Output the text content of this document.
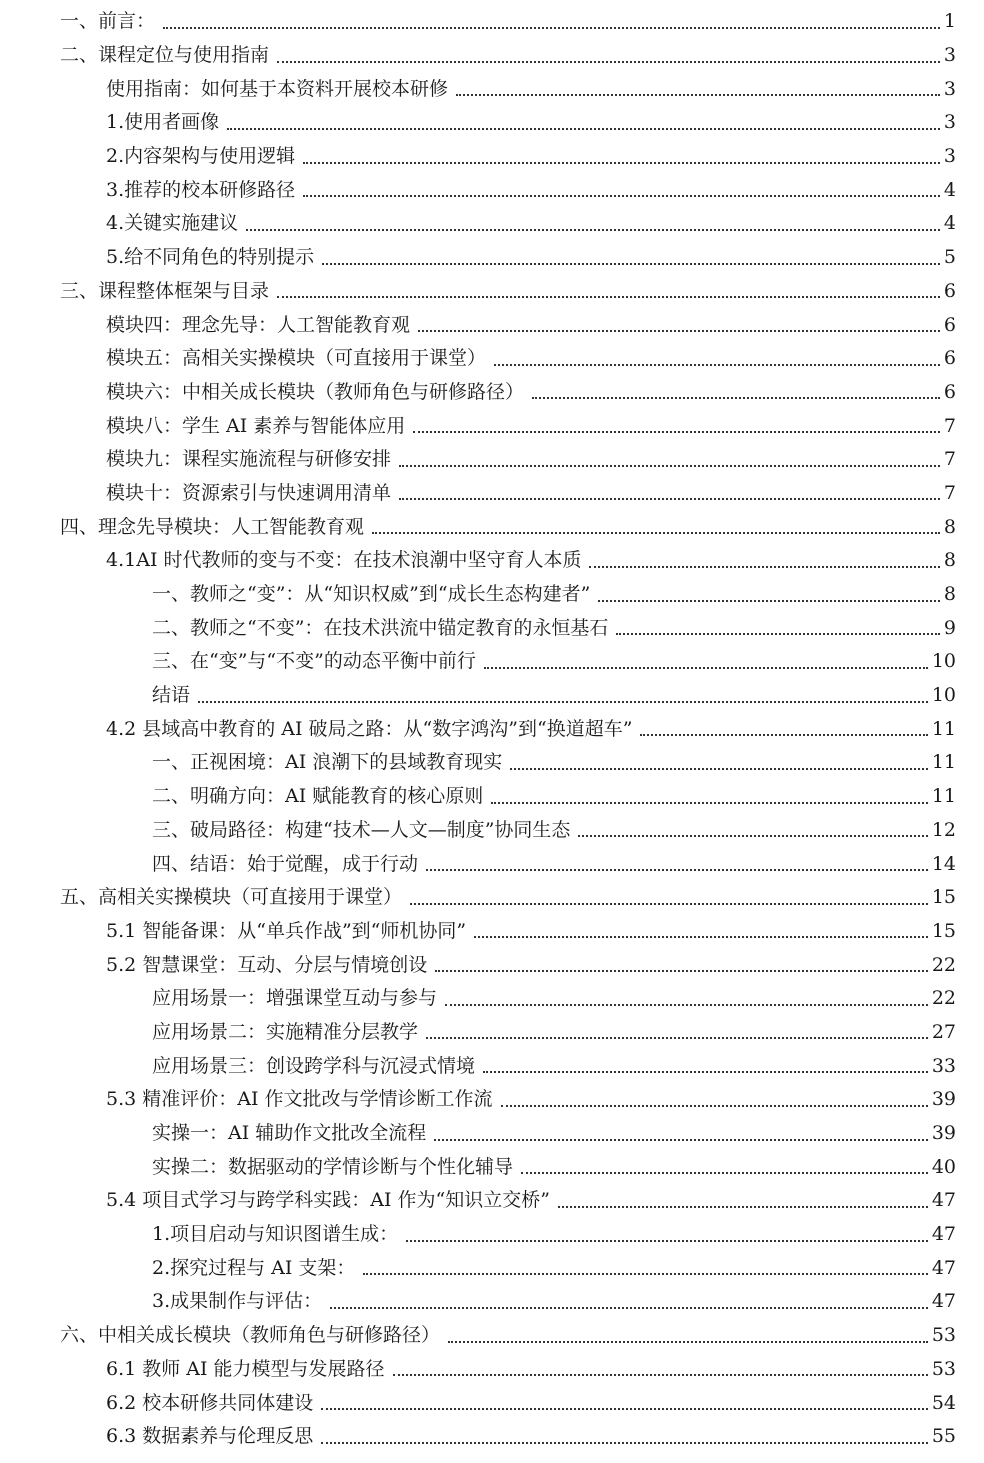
一、前言：	1
二、课程定位与使用指南	3
使用指南：如何基于本资料开展校本研修	3
1.使用者画像	3
2.内容架构与使用逻辑	3
3.推荐的校本研修路径	4
4.关键实施建议	4
5.给不同角色的特别提示	5
三、课程整体框架与目录	6
模块四：理念先导：人工智能教育观	6
模块五：高相关实操模块（可直接用于课堂）	6
模块六：中相关成长模块（教师角色与研修路径）	6
模块八：学生 AI 素养与智能体应用	7
模块九：课程实施流程与研修安排	7
模块十：资源索引与快速调用清单	7
四、理念先导模块：人工智能教育观	8
4.1AI 时代教师的变与不变：在技术浪潮中坚守育人本质	8
一、教师之“变”：从“知识权威”到“成长生态构建者”	8
二、教师之“不变”：在技术洪流中锚定教育的永恒基石	9
三、在“变”与“不变”的动态平衡中前行	10
结语	10
4.2 县域高中教育的 AI 破局之路：从“数字鸿沟”到“换道超车”	11
一、正视困境：AI 浪潮下的县域教育现实	11
二、明确方向：AI 赋能教育的核心原则	11
三、破局路径：构建“技术—人文—制度”协同生态	12
四、结语：始于觉醒，成于行动	14
五、高相关实操模块（可直接用于课堂）	15
5.1 智能备课：从“单兵作战”到“师机协同”	15
5.2 智慧课堂：互动、分层与情境创设	22
应用场景一：增强课堂互动与参与	22
应用场景二：实施精准分层教学	27
应用场景三：创设跨学科与沉浸式情境	33
5.3 精准评价：AI 作文批改与学情诊断工作流	39
实操一：AI 辅助作文批改全流程	39
实操二：数据驱动的学情诊断与个性化辅导	40
5.4 项目式学习与跨学科实践：AI 作为“知识立交桥”	47
1.项目启动与知识图谱生成：	47
2.探究过程与 AI 支架：	47
3.成果制作与评估：	47
六、中相关成长模块（教师角色与研修路径）	53
6.1 教师 AI 能力模型与发展路径	53
6.2 校本研修共同体建设	54
6.3 数据素养与伦理反思	55
